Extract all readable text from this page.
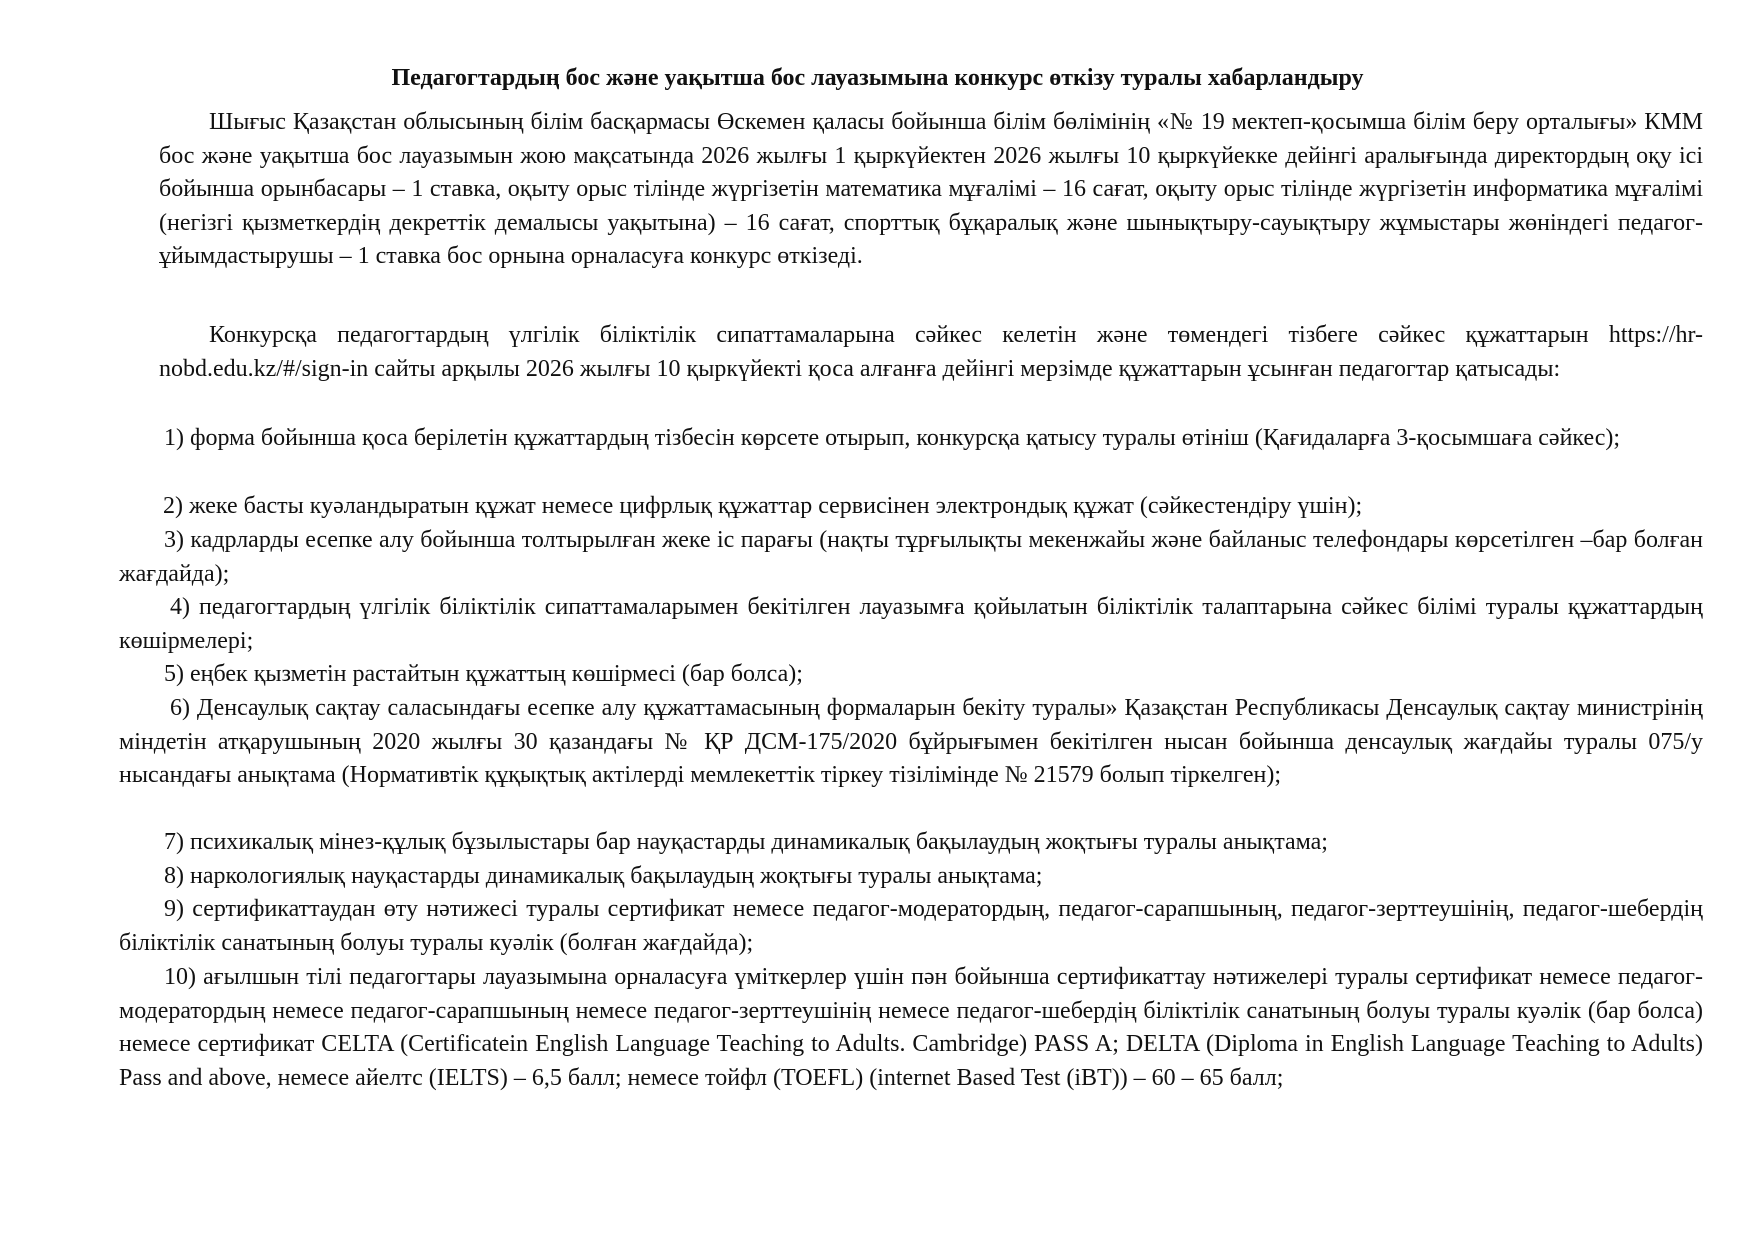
Педагогтардың бос және уақытша бос лауазымына конкурс өткізу туралы хабарландыру

Шығыс Қазақстан облысының білім басқармасы Өскемен қаласы бойынша білім бөлімінің «№ 19 мектеп-қосымша білім беру орталығы» КММ бос және уақытша бос лауазымын жою мақсатында 2026 жылғы 1 қыркүйектен 2026 жылғы 10 қыркүйекке дейінгі аралығында директордың оқу ісі бойынша орынбасары – 1 ставка, оқыту орыс тілінде жүргізетін математика мұғалімі – 16 сағат, оқыту орыс тілінде жүргізетін информатика мұғалімі (негізгі қызметкердің декреттік демалысы уақытына) – 16 сағат, спорттық бұқаралық және шынықтыру-сауықтыру жұмыстары жөніндегі педагог-ұйымдастырушы – 1 ставка бос орнына орналасуға конкурс өткізеді.

Конкурсқа педагогтардың үлгілік біліктілік сипаттамаларына сәйкес келетін және төмендегі тізбеге сәйкес құжаттарын https://hr-nobd.edu.kz/#/sign-in сайты арқылы 2026 жылғы 10 қыркүйекті қоса алғанға дейінгі мерзімде құжаттарын ұсынған педагогтар қатысады:

1) форма бойынша қоса берілетін құжаттардың тізбесін көрсете отырып, конкурсқа қатысу туралы өтініш (Қағидаларға 3-қосымшаға сәйкес);

2) жеке басты куәландыратын құжат немесе цифрлық құжаттар сервисінен электрондық құжат (сәйкестендіру үшін);

3) кадрларды есепке алу бойынша толтырылған жеке іс парағы (нақты тұрғылықты мекенжайы және байланыс телефондары көрсетілген –бар болған жағдайда);

4) педагогтардың үлгілік біліктілік сипаттамаларымен бекітілген лауазымға қойылатын біліктілік талаптарына сәйкес білімі туралы құжаттардың көшірмелері;

5) еңбек қызметін растайтын құжаттың көшірмесі (бар болса);

6) Денсаулық сақтау саласындағы есепке алу құжаттамасының формаларын бекіту туралы» Қазақстан Республикасы Денсаулық сақтау министрінің міндетін атқарушының 2020 жылғы 30 қазандағы № ҚР ДСМ-175/2020 бұйрығымен бекітілген нысан бойынша денсаулық жағдайы туралы 075/у нысандағы анықтама (Нормативтік құқықтық актілерді мемлекеттік тіркеу тізілімінде № 21579 болып тіркелген);

7) психикалық мінез-құлық бұзылыстары бар науқастарды динамикалық бақылаудың жоқтығы туралы анықтама;

8) наркологиялық науқастарды динамикалық бақылаудың жоқтығы туралы анықтама;

9) сертификаттаудан өту нәтижесі туралы сертификат немесе педагог-модератордың, педагог-сарапшының, педагог-зерттеушінің, педагог-шебердің біліктілік санатының болуы туралы куәлік (болған жағдайда);

10) ағылшын тілі педагогтары лауазымына орналасуға үміткерлер үшін пән бойынша сертификаттау нәтижелері туралы сертификат немесе педагог-модератордың немесе педагог-сарапшының немесе педагог-зерттеушінің немесе педагог-шебердің біліктілік санатының болуы туралы куәлік (бар болса) немесе сертификат CELTA (Certificatein English Language Teaching to Adults. Cambridge) PASS A; DELTA (Diploma in English Language Teaching to Adults) Pass and above, немесе айелтс (IELTS) – 6,5 балл; немесе тойфл (TOEFL) (internet Based Test (iBT)) – 60 – 65 балл;
